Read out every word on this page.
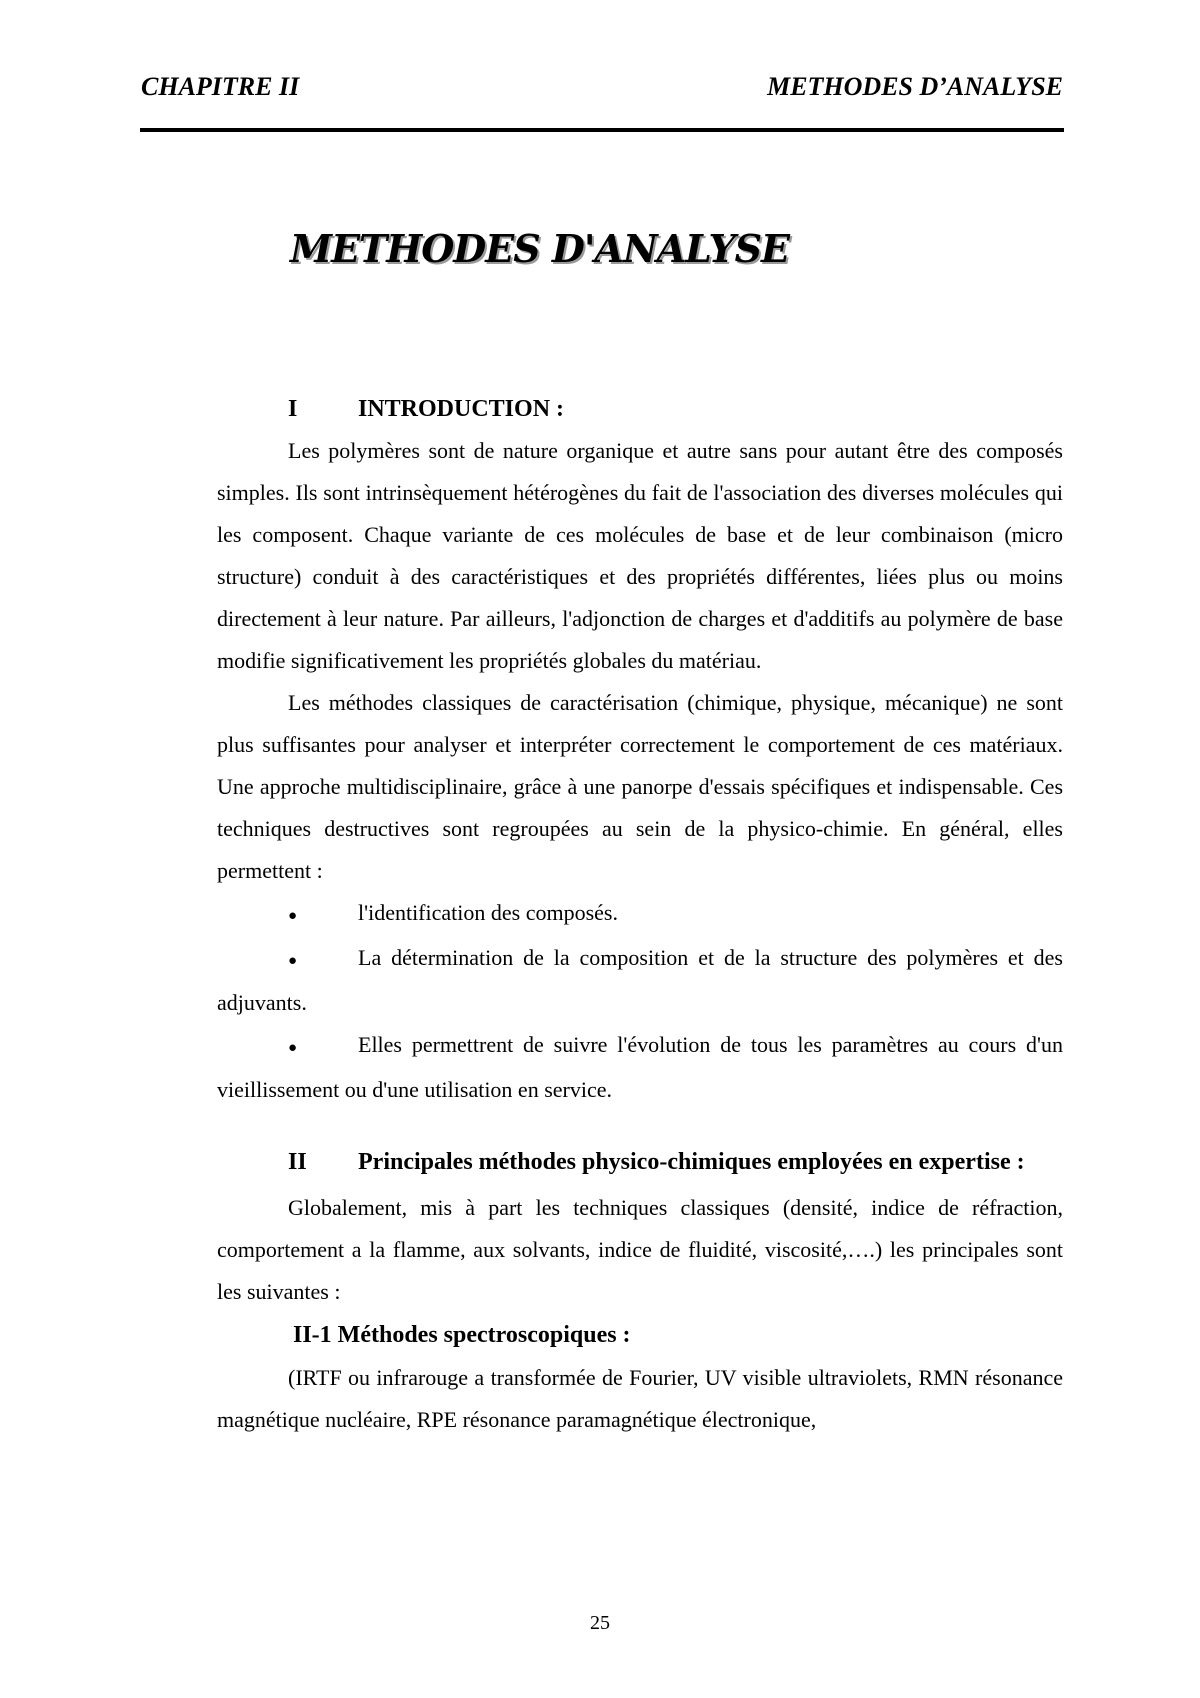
CHAPITRE II	METHODES D’ANALYSE
METHODES D'ANALYSE
I	INTRODUCTION :

Les polymères sont de nature organique et autre sans pour autant être des composés simples. Ils sont intrinsèquement hétérogènes du fait de l'association des diverses molécules qui les composent. Chaque variante de ces molécules de base et de leur combinaison (micro structure) conduit à des caractéristiques et des propriétés différentes, liées plus ou moins directement à leur nature. Par ailleurs, l'adjonction de charges et d'additifs au polymère de base modifie significativement les propriétés globales du matériau.

Les méthodes classiques de caractérisation (chimique, physique, mécanique) ne sont plus suffisantes pour analyser et interpréter correctement le comportement de ces matériaux. Une approche multidisciplinaire, grâce à une panorpe d'essais spécifiques et indispensable. Ces techniques destructives sont regroupées au sein de la physico-chimie. En général, elles permettent :

●	l'identification des composés.
●	La détermination de la composition et de la structure des polymères et des adjuvants.
●	Elles permettrent de suivre l'évolution de tous les paramètres au cours d'un vieillissement ou d'une utilisation en service.
II Principales méthodes physico-chimiques employées en expertise :

Globalement, mis à part les techniques classiques (densité, indice de réfraction, comportement a la flamme, aux solvants, indice de fluidité, viscosité,….) les principales sont les suivantes :

II-1 Méthodes spectroscopiques :

(IRTF ou infrarouge a transformée de Fourier, UV visible ultraviolets, RMN résonance magnétique nucléaire, RPE résonance paramagnétique électronique,

25
